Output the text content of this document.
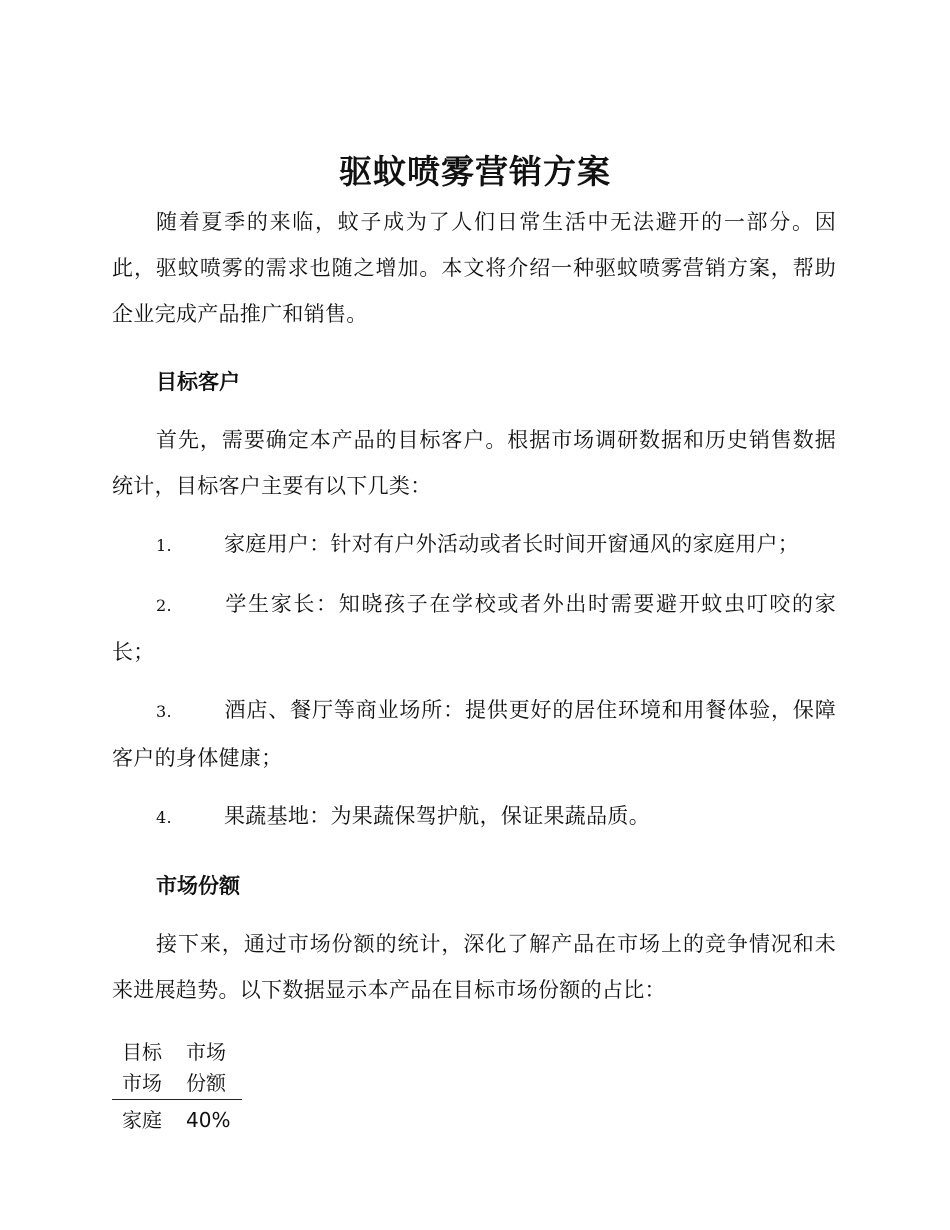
驱蚊喷雾营销方案

随着夏季的来临，蚊子成为了人们日常生活中无法避开的一部分。因此，驱蚊喷雾的需求也随之增加。本文将介绍一种驱蚊喷雾营销方案，帮助企业完成产品推广和销售。

目标客户

首先，需要确定本产品的目标客户。根据市场调研数据和历史销售数据统计，目标客户主要有以下几类：

1. 家庭用户：针对有户外活动或者长时间开窗通风的家庭用户；

2. 学生家长：知晓孩子在学校或者外出时需要避开蚊虫叮咬的家长；

3. 酒店、餐厅等商业场所：提供更好的居住环境和用餐体验，保障客户的身体健康；

4. 果蔬基地：为果蔬保驾护航，保证果蔬品质。

市场份额

接下来，通过市场份额的统计，深化了解产品在市场上的竞争情况和未来进展趋势。以下数据显示本产品在目标市场份额的占比：

目标市场	市场份额
家庭	40%
